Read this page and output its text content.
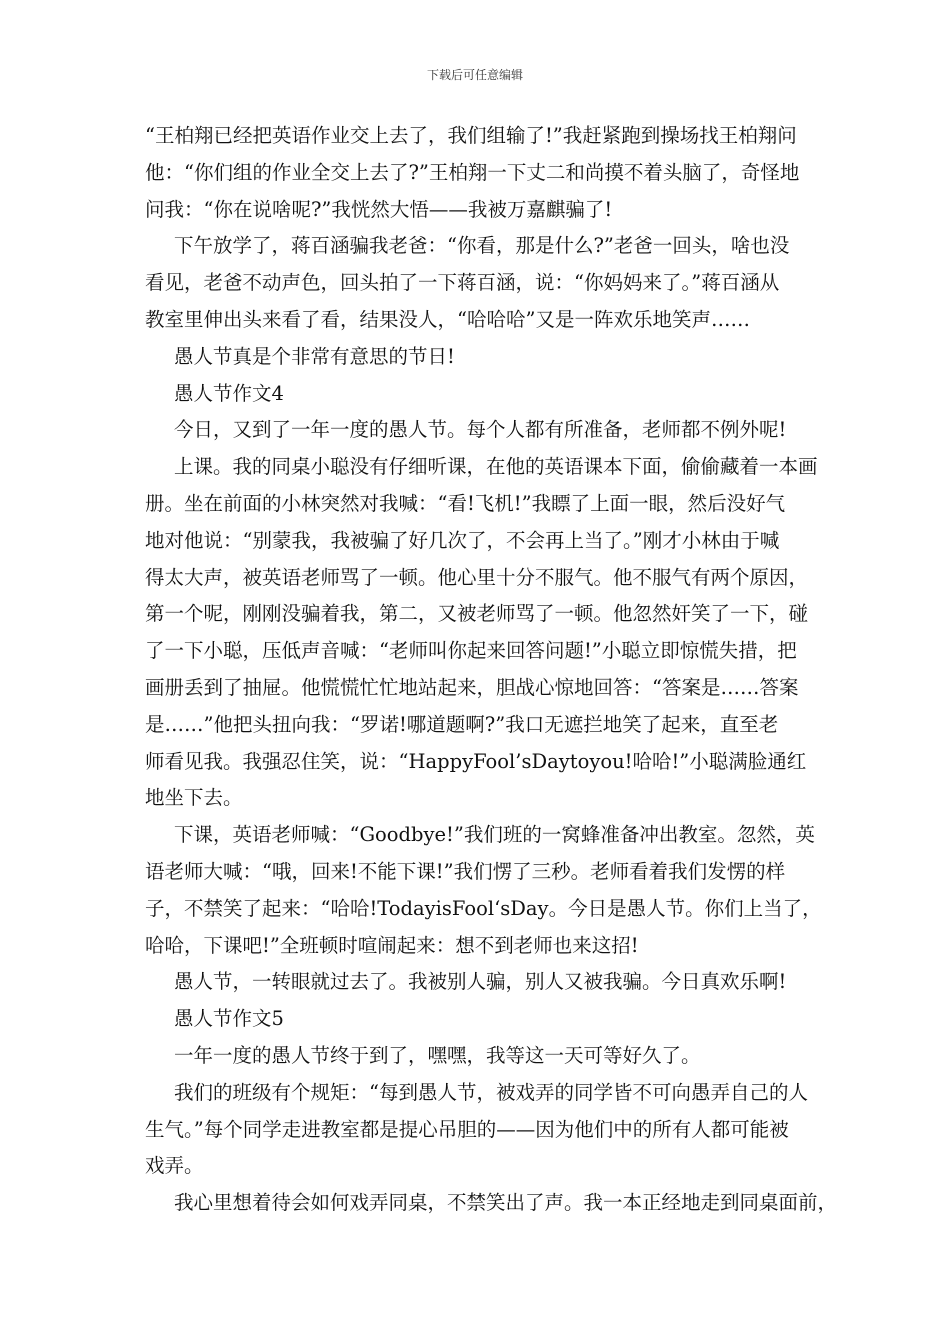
下载后可任意编辑
“王柏翔已经把英语作业交上去了，我们组输了!”我赶紧跑到操场找王柏翔问
他：“你们组的作业全交上去了?”王柏翔一下丈二和尚摸不着头脑了，奇怪地
问我：“你在说啥呢?”我恍然大悟——我被万嘉麒骗了!
下午放学了，蒋百涵骗我老爸：“你看，那是什么?”老爸一回头，啥也没
看见，老爸不动声色，回头拍了一下蒋百涵，说：“你妈妈来了。”蒋百涵从
教室里伸出头来看了看，结果没人，“哈哈哈”又是一阵欢乐地笑声……
愚人节真是个非常有意思的节日!
愚人节作文4
今日，又到了一年一度的愚人节。每个人都有所准备，老师都不例外呢!
上课。我的同桌小聪没有仔细听课，在他的英语课本下面，偷偷藏着一本画
册。坐在前面的小林突然对我喊：“看!飞机!”我瞟了上面一眼，然后没好气
地对他说：“别蒙我，我被骗了好几次了，不会再上当了。”刚才小林由于喊
得太大声，被英语老师骂了一顿。他心里十分不服气。他不服气有两个原因，
第一个呢，刚刚没骗着我，第二，又被老师骂了一顿。他忽然奸笑了一下，碰
了一下小聪，压低声音喊：“老师叫你起来回答问题!”小聪立即惊慌失措，把
画册丢到了抽屉。他慌慌忙忙地站起来，胆战心惊地回答：“答案是……答案
是……”他把头扭向我：“罗诺!哪道题啊?”我口无遮拦地笑了起来，直至老
师看见我。我强忍住笑，说：“HappyFool’sDaytoyou!哈哈!”小聪满脸通红
地坐下去。
下课，英语老师喊：“Goodbye!”我们班的一窝蜂准备冲出教室。忽然，英
语老师大喊：“哦，回来!不能下课!”我们愣了三秒。老师看着我们发愣的样
子，不禁笑了起来：“哈哈!TodayisFool‘sDay。今日是愚人节。你们上当了，
哈哈，下课吧!”全班顿时喧闹起来：想不到老师也来这招!
愚人节，一转眼就过去了。我被别人骗，别人又被我骗。今日真欢乐啊!
愚人节作文5
一年一度的愚人节终于到了，嘿嘿，我等这一天可等好久了。
我们的班级有个规矩：“每到愚人节，被戏弄的同学皆不可向愚弄自己的人
生气。”每个同学走进教室都是提心吊胆的——因为他们中的所有人都可能被
戏弄。
我心里想着待会如何戏弄同桌，不禁笑出了声。我一本正经地走到同桌面前，
